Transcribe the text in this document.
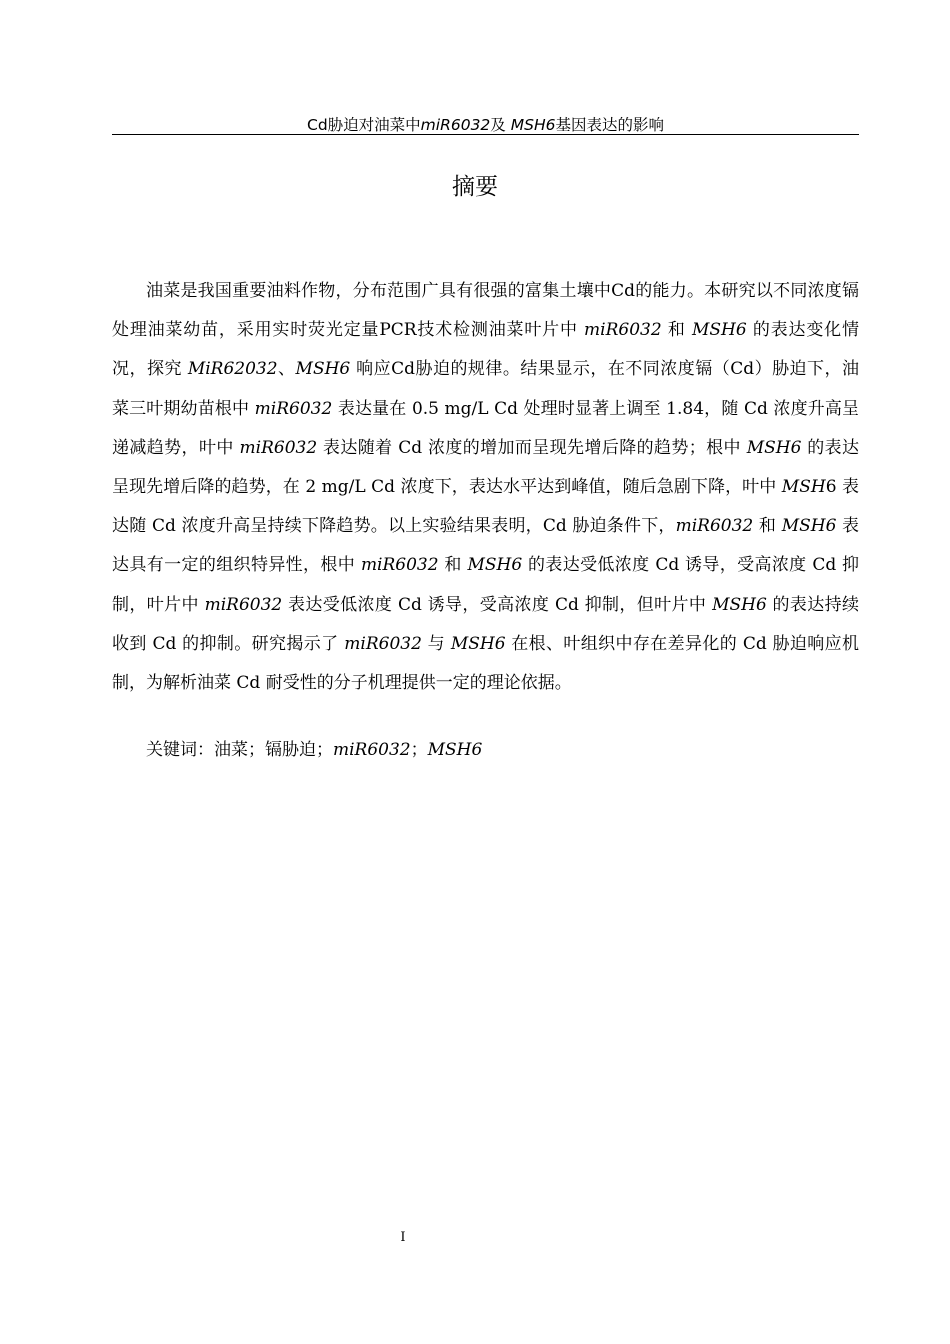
Cd胁迫对油菜中miR6032及 MSH6基因表达的影响
摘要

油菜是我国重要油料作物，分布范围广具有很强的富集土壤中Cd的能力。本研究以不同浓度镉处理油菜幼苗，采用实时荧光定量PCR技术检测油菜叶片中 miR6032 和 MSH6 的表达变化情况，探究 MiR62032、MSH6 响应Cd胁迫的规律。结果显示，在不同浓度镉（Cd）胁迫下，油菜三叶期幼苗根中 miR6032 表达量在 0.5 mg/L Cd 处理时显著上调至 1.84，随 Cd 浓度升高呈递减趋势，叶中 miR6032 表达随着 Cd 浓度的增加而呈现先增后降的趋势；根中 MSH6 的表达呈现先增后降的趋势，在 2 mg/L Cd 浓度下，表达水平达到峰值，随后急剧下降，叶中 MSH6 表达随 Cd 浓度升高呈持续下降趋势。以上实验结果表明，Cd 胁迫条件下，miR6032 和 MSH6 表达具有一定的组织特异性，根中 miR6032 和 MSH6 的表达受低浓度 Cd 诱导，受高浓度 Cd 抑制，叶片中 miR6032 表达受低浓度 Cd 诱导，受高浓度 Cd 抑制，但叶片中 MSH6 的表达持续收到 Cd 的抑制。研究揭示了 miR6032 与 MSH6 在根、叶组织中存在差异化的 Cd 胁迫响应机制，为解析油菜 Cd 耐受性的分子机理提供一定的理论依据。

关键词：油菜；镉胁迫；miR6032；MSH6

I
